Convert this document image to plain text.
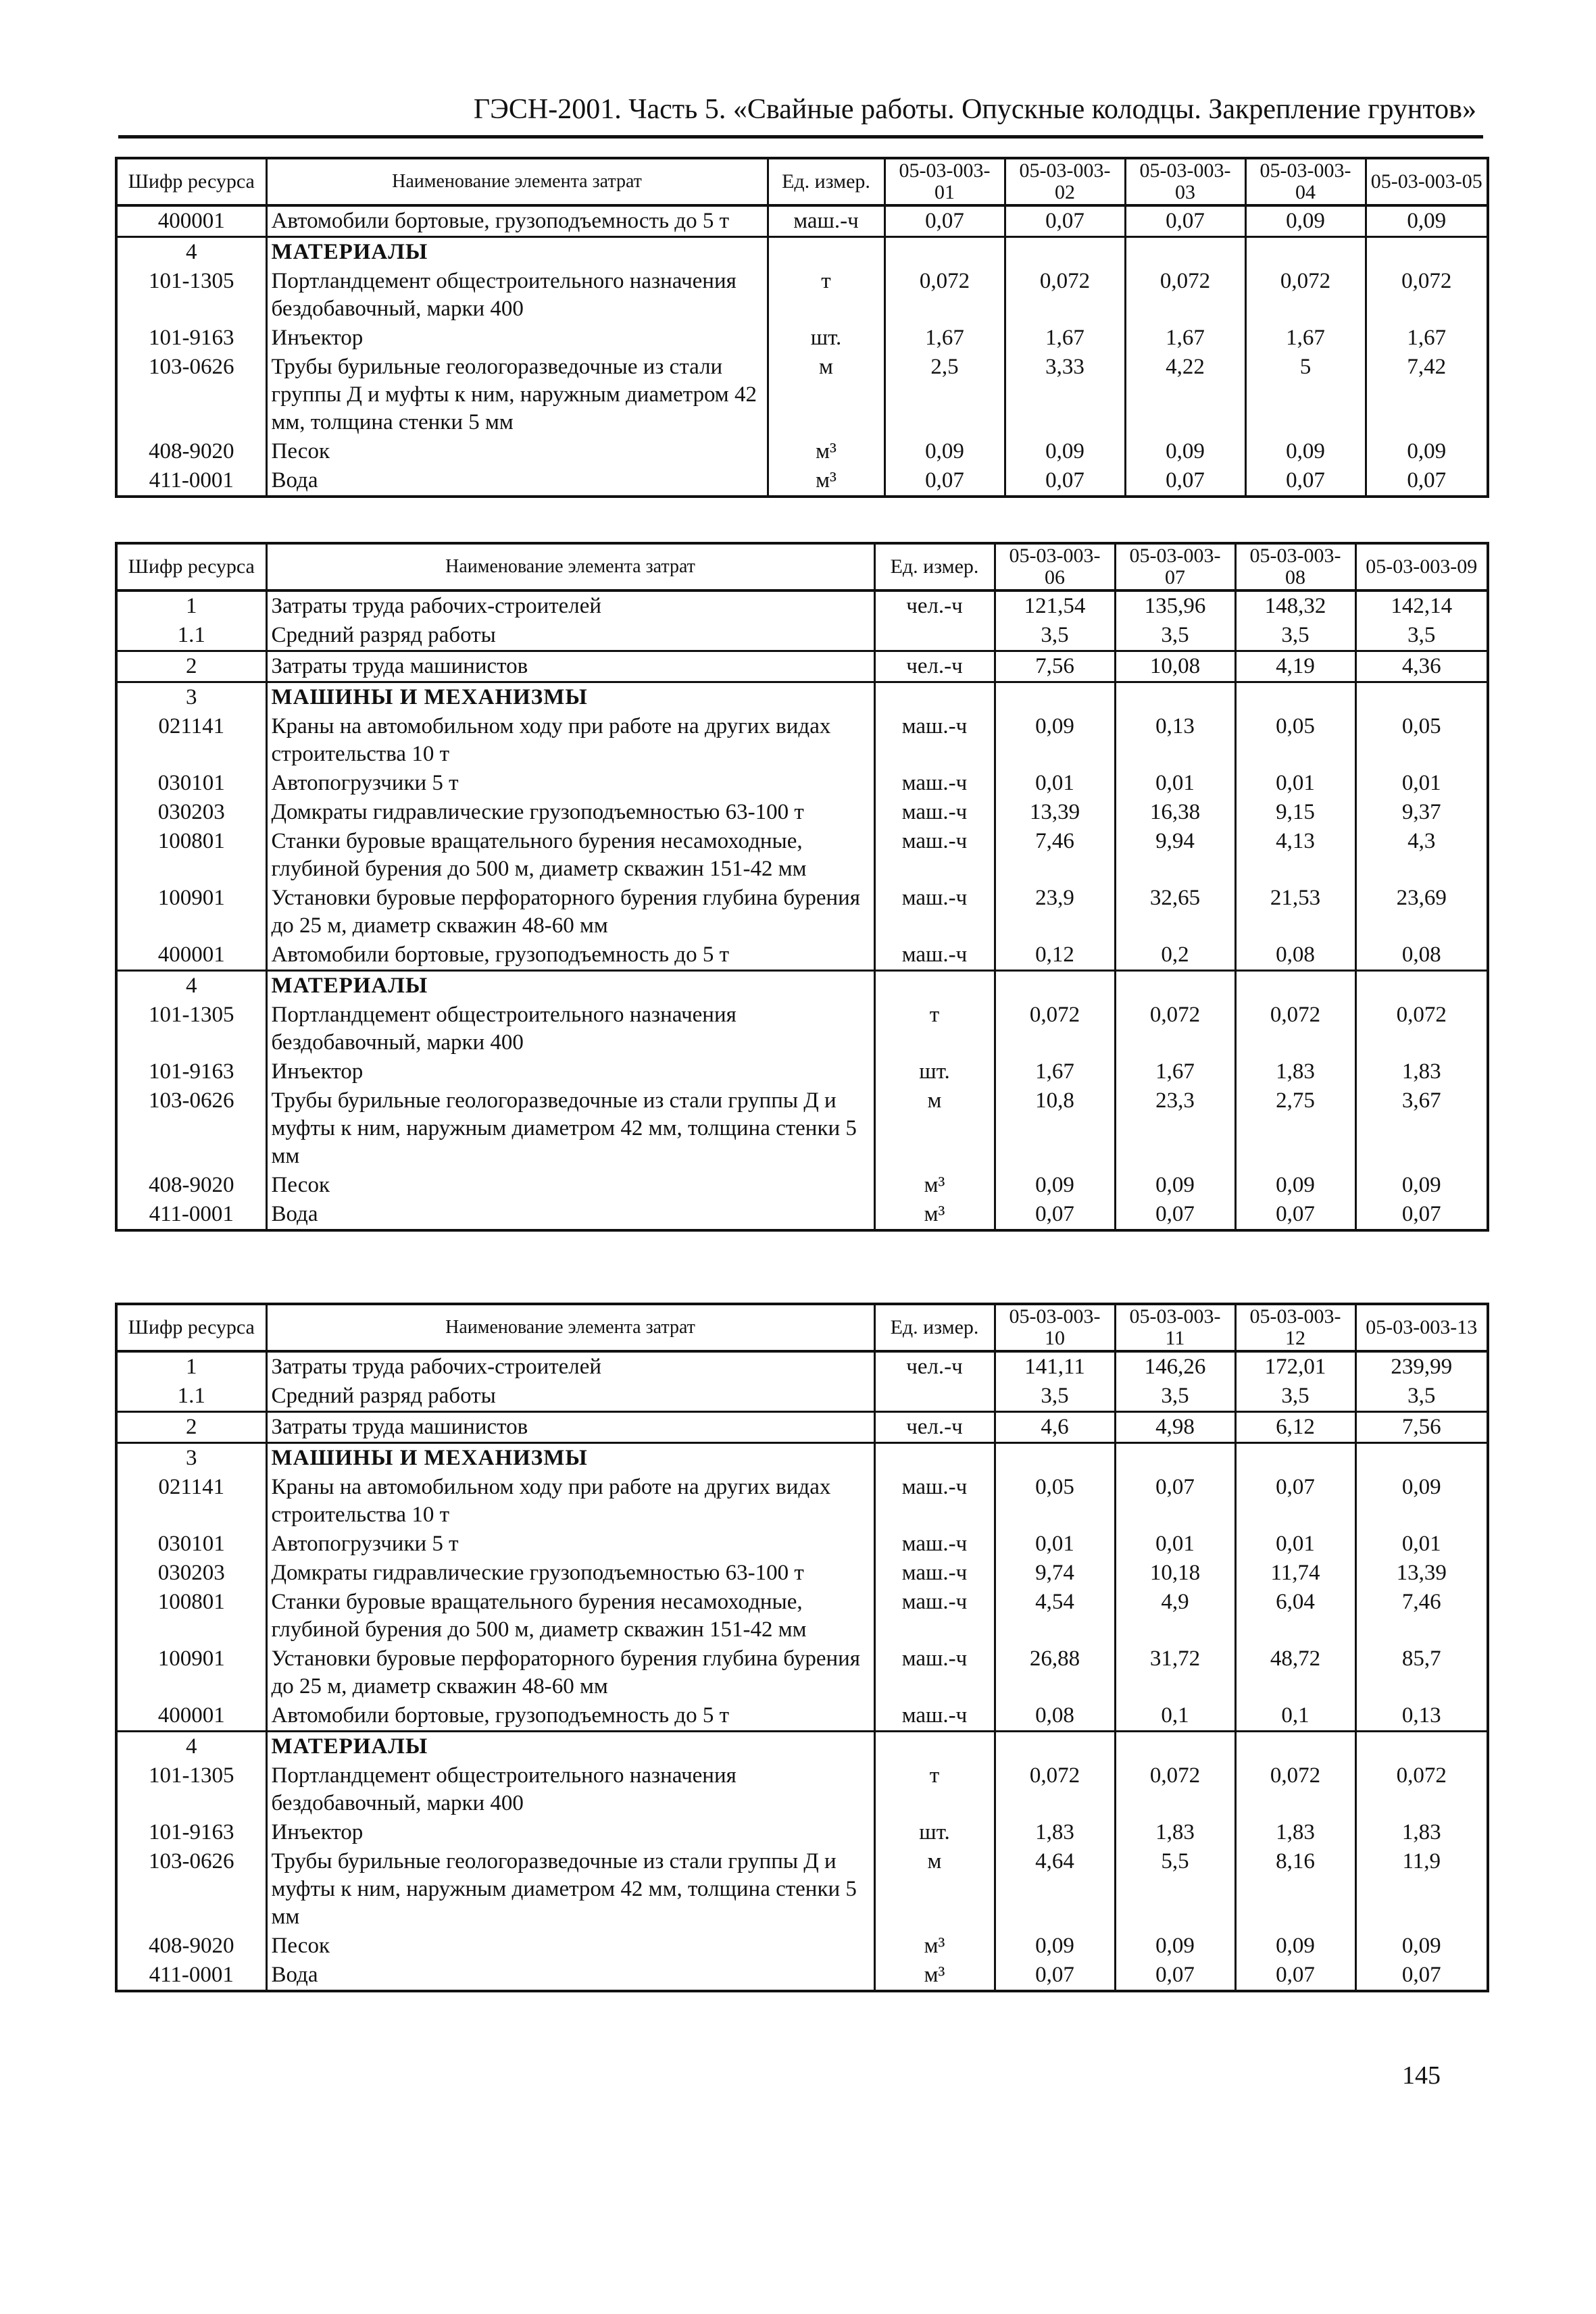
ГЭСН-2001. Часть 5. «Свайные работы. Опускные колодцы. Закрепление грунтов»
Шифр ресурса	Наименование элемента затрат	Ед. измер.	05-03-003-01	05-03-003-02	05-03-003-03	05-03-003-04	05-03-003-05
400001	Автомобили бортовые, грузоподъемность до 5 т	маш.-ч	0,07	0,07	0,07	0,09	0,09
4	МАТЕРИАЛЫ						
101-1305	Портландцемент общестроительного назначения бездобавочный, марки 400	т	0,072	0,072	0,072	0,072	0,072
101-9163	Инъектор	шт.	1,67	1,67	1,67	1,67	1,67
103-0626	Трубы бурильные геологоразведочные из стали группы Д и муфты к ним, наружным диаметром 42 мм, толщина стенки 5 мм	м	2,5	3,33	4,22	5	7,42
408-9020	Песок	м³	0,09	0,09	0,09	0,09	0,09
411-0001	Вода	м³	0,07	0,07	0,07	0,07	0,07
Шифр ресурса	Наименование элемента затрат	Ед. измер.	05-03-003-06	05-03-003-07	05-03-003-08	05-03-003-09
1	Затраты труда рабочих-строителей	чел.-ч	121,54	135,96	148,32	142,14
1.1	Средний разряд работы		3,5	3,5	3,5	3,5
2	Затраты труда машинистов	чел.-ч	7,56	10,08	4,19	4,36
3	МАШИНЫ И МЕХАНИЗМЫ					
021141	Краны на автомобильном ходу при работе на других видах строительства 10 т	маш.-ч	0,09	0,13	0,05	0,05
030101	Автопогрузчики 5 т	маш.-ч	0,01	0,01	0,01	0,01
030203	Домкраты гидравлические грузоподъемностью 63-100 т	маш.-ч	13,39	16,38	9,15	9,37
100801	Станки буровые вращательного бурения несамоходные, глубиной бурения до 500 м, диаметр скважин 151-42 мм	маш.-ч	7,46	9,94	4,13	4,3
100901	Установки буровые перфораторного бурения глубина бурения до 25 м, диаметр скважин 48-60 мм	маш.-ч	23,9	32,65	21,53	23,69
400001	Автомобили бортовые, грузоподъемность до 5 т	маш.-ч	0,12	0,2	0,08	0,08
4	МАТЕРИАЛЫ					
101-1305	Портландцемент общестроительного назначения бездобавочный, марки 400	т	0,072	0,072	0,072	0,072
101-9163	Инъектор	шт.	1,67	1,67	1,83	1,83
103-0626	Трубы бурильные геологоразведочные из стали группы Д и муфты к ним, наружным диаметром 42 мм, толщина стенки 5 мм	м	10,8	23,3	2,75	3,67
408-9020	Песок	м³	0,09	0,09	0,09	0,09
411-0001	Вода	м³	0,07	0,07	0,07	0,07
Шифр ресурса	Наименование элемента затрат	Ед. измер.	05-03-003-10	05-03-003-11	05-03-003-12	05-03-003-13
1	Затраты труда рабочих-строителей	чел.-ч	141,11	146,26	172,01	239,99
1.1	Средний разряд работы		3,5	3,5	3,5	3,5
2	Затраты труда машинистов	чел.-ч	4,6	4,98	6,12	7,56
3	МАШИНЫ И МЕХАНИЗМЫ					
021141	Краны на автомобильном ходу при работе на других видах строительства 10 т	маш.-ч	0,05	0,07	0,07	0,09
030101	Автопогрузчики 5 т	маш.-ч	0,01	0,01	0,01	0,01
030203	Домкраты гидравлические грузоподъемностью 63-100 т	маш.-ч	9,74	10,18	11,74	13,39
100801	Станки буровые вращательного бурения несамоходные, глубиной бурения до 500 м, диаметр скважин 151-42 мм	маш.-ч	4,54	4,9	6,04	7,46
100901	Установки буровые перфораторного бурения глубина бурения до 25 м, диаметр скважин 48-60 мм	маш.-ч	26,88	31,72	48,72	85,7
400001	Автомобили бортовые, грузоподъемность до 5 т	маш.-ч	0,08	0,1	0,1	0,13
4	МАТЕРИАЛЫ					
101-1305	Портландцемент общестроительного назначения бездобавочный, марки 400	т	0,072	0,072	0,072	0,072
101-9163	Инъектор	шт.	1,83	1,83	1,83	1,83
103-0626	Трубы бурильные геологоразведочные из стали группы Д и муфты к ним, наружным диаметром 42 мм, толщина стенки 5 мм	м	4,64	5,5	8,16	11,9
408-9020	Песок	м³	0,09	0,09	0,09	0,09
411-0001	Вода	м³	0,07	0,07	0,07	0,07
145
